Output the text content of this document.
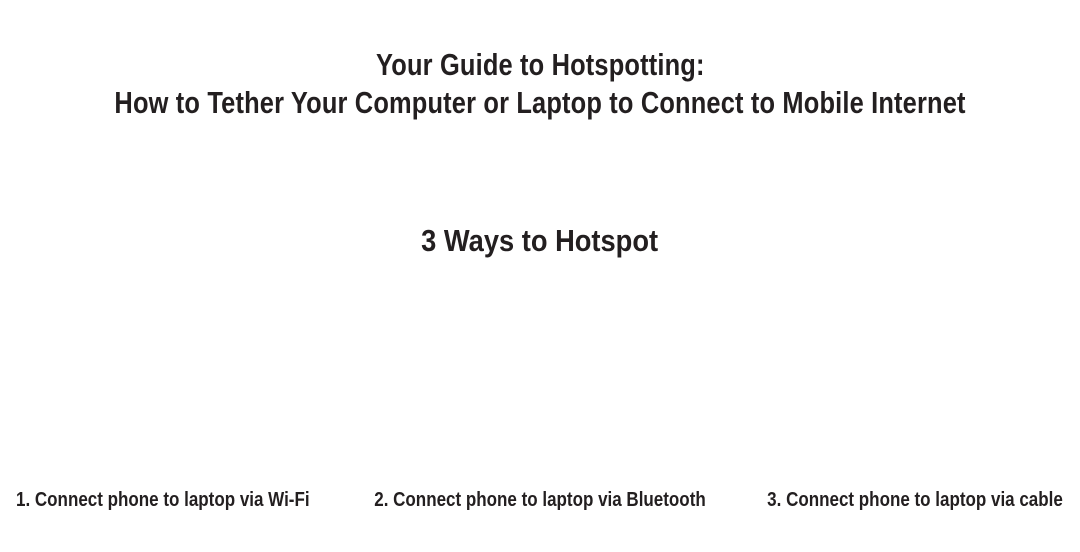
Your Guide to Hotspotting:
How to Tether Your Computer or Laptop to Connect to Mobile Internet
3 Ways to Hotspot
1. Connect phone to laptop via Wi-Fi	2. Connect phone to laptop via Bluetooth	3. Connect phone to laptop via cable
